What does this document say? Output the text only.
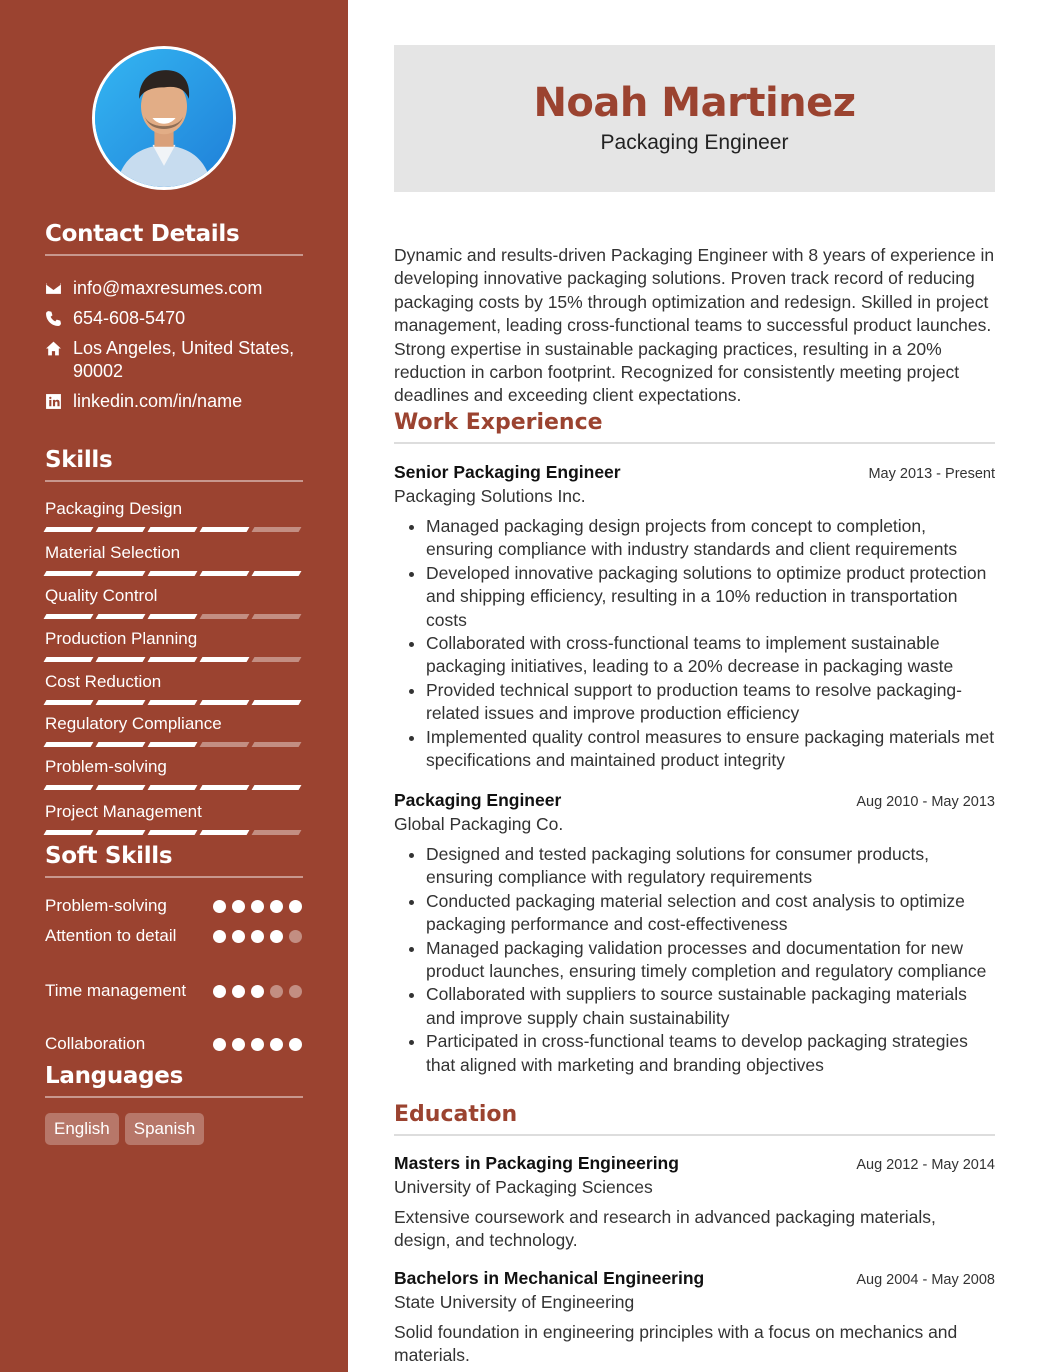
Contact Details
info@maxresumes.com
654-608-5470
Los Angeles, United States,
90002
linkedin.com/in/name
Skills
Packaging Design
Material Selection
Quality Control
Production Planning
Cost Reduction
Regulatory Compliance
Problem-solving
Project Management
Soft Skills
Problem-solving
Attention to detail
Time management
Collaboration
Languages
English	Spanish
Noah Martinez
Packaging Engineer

Dynamic and results-driven Packaging Engineer with 8 years of experience in developing innovative packaging solutions. Proven track record of reducing packaging costs by 15% through optimization and redesign. Skilled in project management, leading cross-functional teams to successful product launches. Strong expertise in sustainable packaging practices, resulting in a 20% reduction in carbon footprint. Recognized for consistently meeting project deadlines and exceeding client expectations.

Work Experience
Senior Packaging Engineer	May 2013 - Present
Packaging Solutions Inc.
• Managed packaging design projects from concept to completion, ensuring compliance with industry standards and client requirements
• Developed innovative packaging solutions to optimize product protection and shipping efficiency, resulting in a 10% reduction in transportation costs
• Collaborated with cross-functional teams to implement sustainable packaging initiatives, leading to a 20% decrease in packaging waste
• Provided technical support to production teams to resolve packaging-related issues and improve production efficiency
• Implemented quality control measures to ensure packaging materials met specifications and maintained product integrity
Packaging Engineer	Aug 2010 - May 2013
Global Packaging Co.
• Designed and tested packaging solutions for consumer products, ensuring compliance with regulatory requirements
• Conducted packaging material selection and cost analysis to optimize packaging performance and cost-effectiveness
• Managed packaging validation processes and documentation for new product launches, ensuring timely completion and regulatory compliance
• Collaborated with suppliers to source sustainable packaging materials and improve supply chain sustainability
• Participated in cross-functional teams to develop packaging strategies that aligned with marketing and branding objectives
Education
Masters in Packaging Engineering	Aug 2012 - May 2014
University of Packaging Sciences
Extensive coursework and research in advanced packaging materials, design, and technology.
Bachelors in Mechanical Engineering	Aug 2004 - May 2008
State University of Engineering
Solid foundation in engineering principles with a focus on mechanics and materials.
